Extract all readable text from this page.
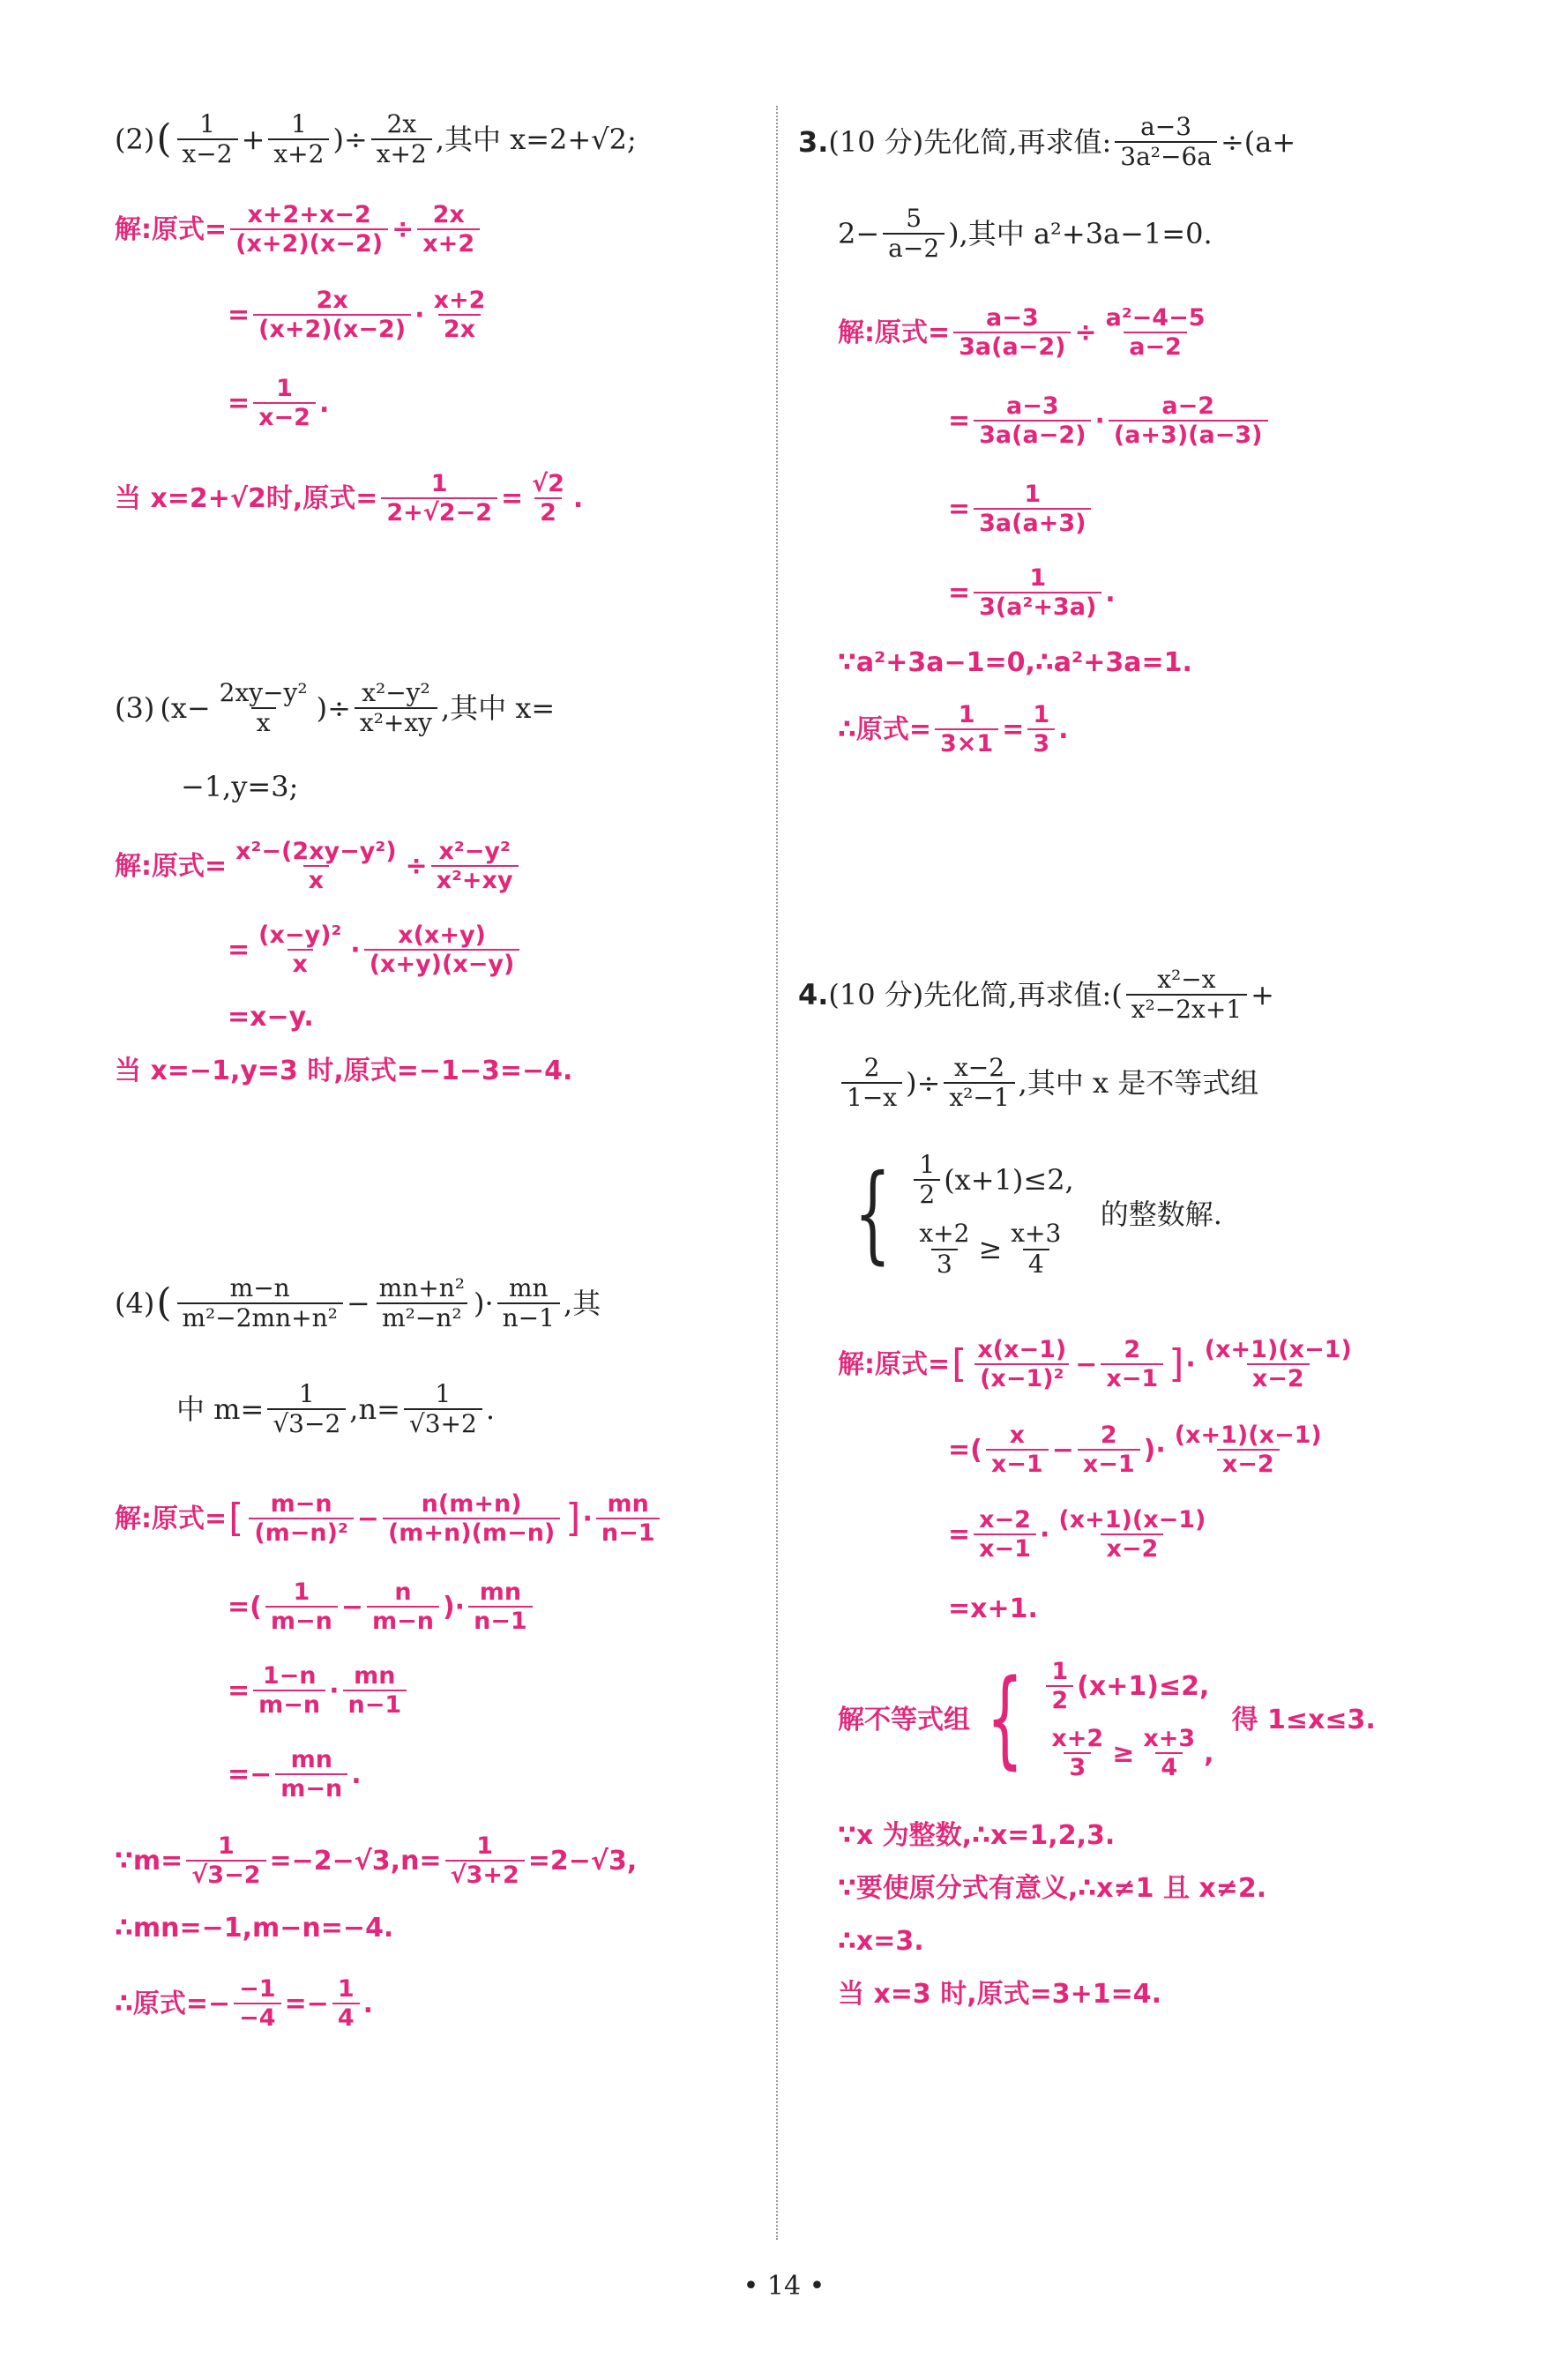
(2) ( $\frac{1}{x-2} + \frac{1}{x+2}$ )÷ $\frac{2x}{x+2}$ ,其中 x=2+√2;
解:原式= $\frac{x+2+x-2}{(x+2)(x-2)} \div \frac{2x}{x+2}$
= $\frac{2x}{(x+2)(x-2)} \cdot \frac{x+2}{2x}$
= $\frac{1}{x-2}$ .
当 x=2+√2时,原式= $\frac{1}{2+√2-2} = \frac{√2}{2}$ .
(3) ($x- \frac{\text{2xy−y²}}{x}$ )÷ $\frac{\text{x²−y²}}{\text{x²+xy}}$ ,其中 x=
−1,y=3;
解:原式= $\frac{\text{x²−(2xy−y²)}}{x} \div \frac{\text{x²−y²}}{\text{x²+xy}}$
= $\frac{\text{(x−y)²}}{x} \cdot \frac{x(x+y)}{(x+y)(x-y)}$
=x−y.
当 x=−1,y=3 时,原式=−1−3=−4.
(4) ( $\frac{m-n}{\text{m²−2mn+n²}} - \frac{\text{mn+n²}}{\text{m²−n²}}$ )· $\frac{mn}{n-1}$ ,其
中 $m= \frac{1}{√3-2} ,n= \frac{1}{√3+2}$ .
解:原式= [ $\frac{m-n}{\text{(m−n)²}} - \frac{n(m+n)}{(m+n)(m-n)}$ ] · $\frac{mn}{n-1}$
=( $\frac{1}{m-n} - \frac{n}{m-n}$ )· $\frac{mn}{n-1}$
= $\frac{1-n}{m-n} \cdot \frac{mn}{n-1}$
=− $\frac{mn}{m-n}$ .
∵m= $\frac{1}{√3-2} =-2-√3,n= \frac{1}{√3+2} =2-√3$,
∴mn=−1,m−n=−4.
∴原式=− $\frac{-1}{-4} =- \frac{1}{4}$ .
3. (10 分)先化简,再求值: $\frac{a-3}{\text{3a²−6a}} \div(a+$
$2- \frac{5}{a-2}$ ),其中 a²+3a−1=0.
解:原式= $\frac{a-3}{3a(a-2)} \div \frac{\text{a²−4−5}}{a-2}$
= $\frac{a-3}{3a(a-2)} \cdot \frac{a-2}{(a+3)(a-3)}$
= $\frac{1}{3a(a+3)}$
= $\frac{1}{\text{3(a²+3a)}}$ .
∵a²+3a−1=0,∴a²+3a=1.
∴原式= $\frac{1}{3\times 1} = \frac{1}{3}$ .
4. (10 分)先化简,再求值:( $\frac{\text{x²−x}}{\text{x²−2x+1}}$ +
$\frac{2}{1-x}$ )÷ $\frac{x-2}{\text{x²−1}}$ ,其中 x 是不等式组
{ $\frac{1}{2} (x+1)\le 2$,
$\frac{x+2}{3} \ge \frac{x+3}{4}$
的整数解.
解:原式= [ $\frac{x(x-1)}{\text{(x−1)²}} - \frac{2}{x-1}$ ] · $\frac{(x+1)(x-1)}{x-2}$
=( $\frac{x}{x-1} - \frac{2}{x-1}$ )· $\frac{(x+1)(x-1)}{x-2}$
= $\frac{x-2}{x-1} \cdot \frac{(x+1)(x-1)}{x-2}$
=x+1.
解不等式组 { $\frac{1}{2} (x+1)\le 2$,
$\frac{x+2}{3} \ge \frac{x+3}{4}$ ,
得 1≤x≤3.
∵x 为整数,∴x=1,2,3.
∵要使原分式有意义,∴x≠1 且 x≠2.
∴x=3.
当 x=3 时,原式=3+1=4.
• 14 •
